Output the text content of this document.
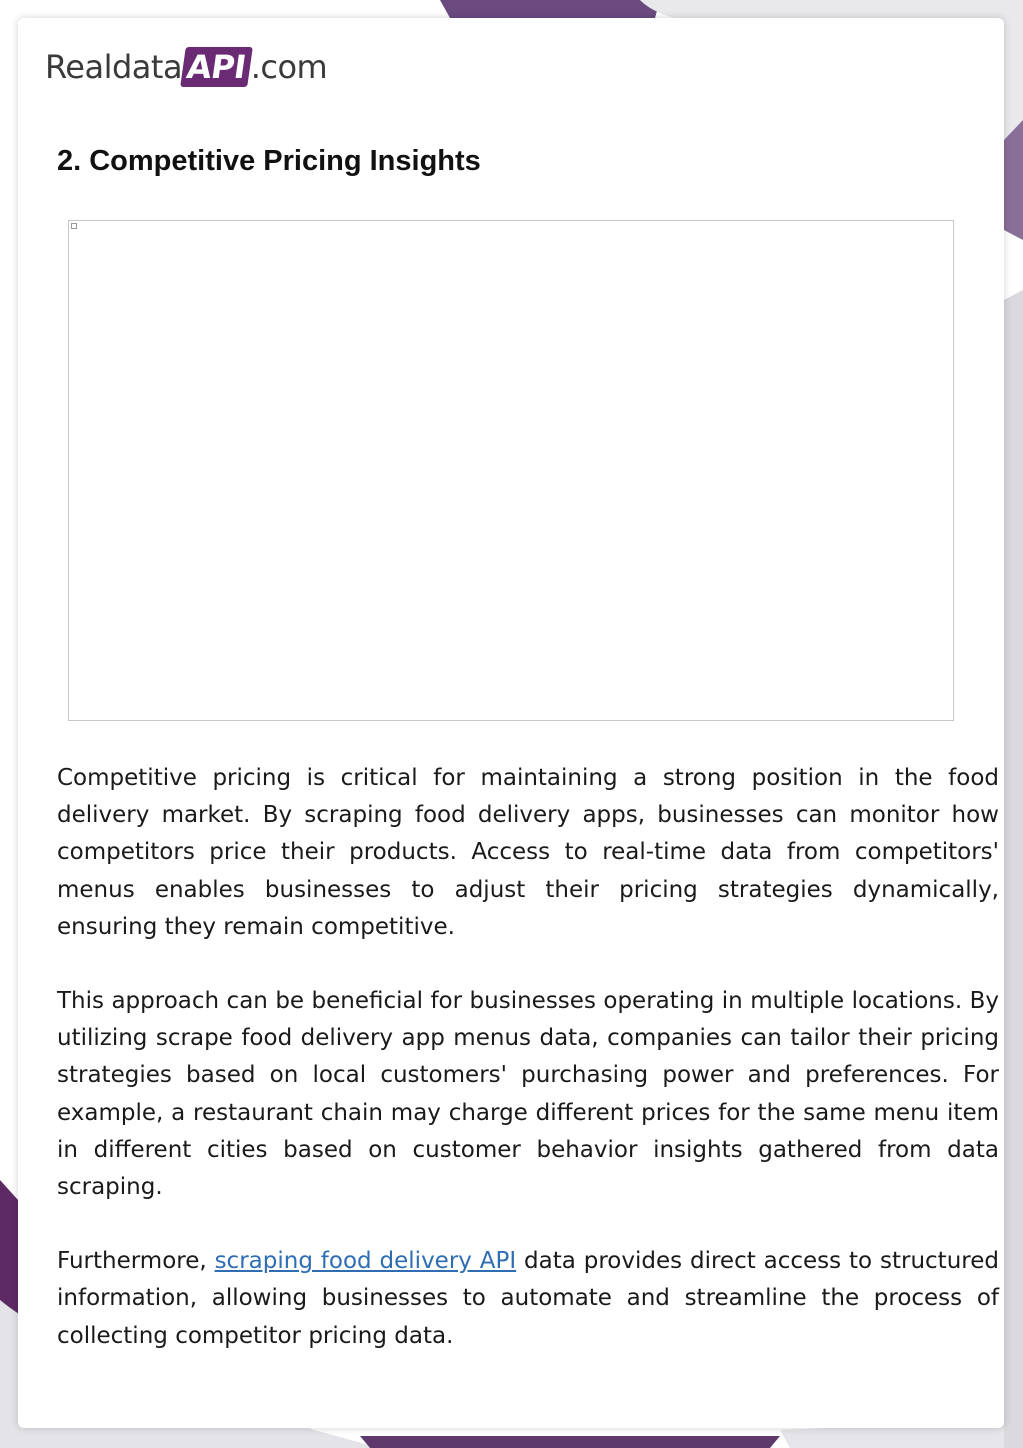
Realdata API .com
2. Competitive Pricing Insights

Competitive pricing is critical for maintaining a strong position in the food delivery market. By scraping food delivery apps, businesses can monitor how competitors price their products. Access to real-time data from competitors' menus enables businesses to adjust their pricing strategies dynamically, ensuring they remain competitive.

This approach can be beneficial for businesses operating in multiple locations. By utilizing scrape food delivery app menus data, companies can tailor their pricing strategies based on local customers' purchasing power and preferences. For example, a restaurant chain may charge different prices for the same menu item in different cities based on customer behavior insights gathered from data scraping.

Furthermore, scraping food delivery API data provides direct access to structured information, allowing businesses to automate and streamline the process of collecting competitor pricing data.
